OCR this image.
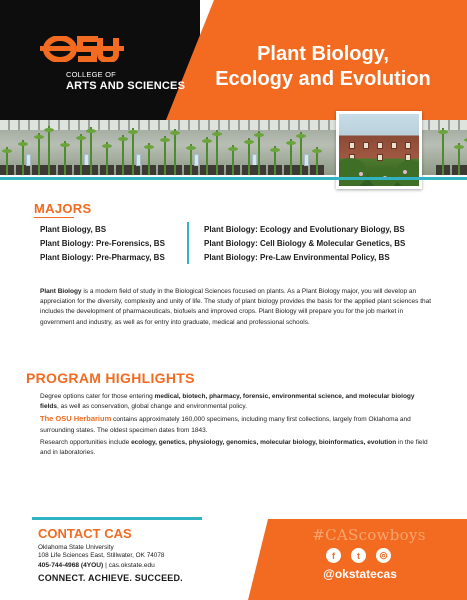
COLLEGE OF
ARTS AND SCIENCES
Plant Biology,
Ecology and Evolution
MAJORS
Plant Biology, BS
Plant Biology: Pre-Forensics, BS
Plant Biology: Pre-Pharmacy, BS
Plant Biology: Ecology and Evolutionary Biology, BS
Plant Biology: Cell Biology & Molecular Genetics, BS
Plant Biology: Pre-Law Environmental Policy, BS
Plant Biology is a modern field of study in the Biological Sciences focused on plants. As a Plant Biology major, you will develop an appreciation for the diversity, complexity and unity of life. The study of plant biology provides the basis for the applied plant sciences that includes the development of pharmaceuticals, biofuels and improved crops. Plant Biology will prepare you for the job market in government and industry, as well as for entry into graduate, medical and professional schools.
PROGRAM HIGHLIGHTS

Degree options cater for those entering medical, biotech, pharmacy, forensic, environmental science, and molecular biology fields, as well as conservation, global change and environmental policy.

The OSU Herbarium contains approximately 160,000 specimens, including many first collections, largely from Oklahoma and surrounding states. The oldest specimen dates from 1843.

Research opportunities include ecology, genetics, physiology, genomics, molecular biology, bioinformatics, evolution in the field and in laboratories.

CONTACT CAS
Oklahoma State University
108 Life Sciences East, Stillwater, OK 74078
405-744-4968 (4YOU) | cas.okstate.edu
CONNECT. ACHIEVE. SUCCEED.
#CAScowboys
f	t	◎
@okstatecas
